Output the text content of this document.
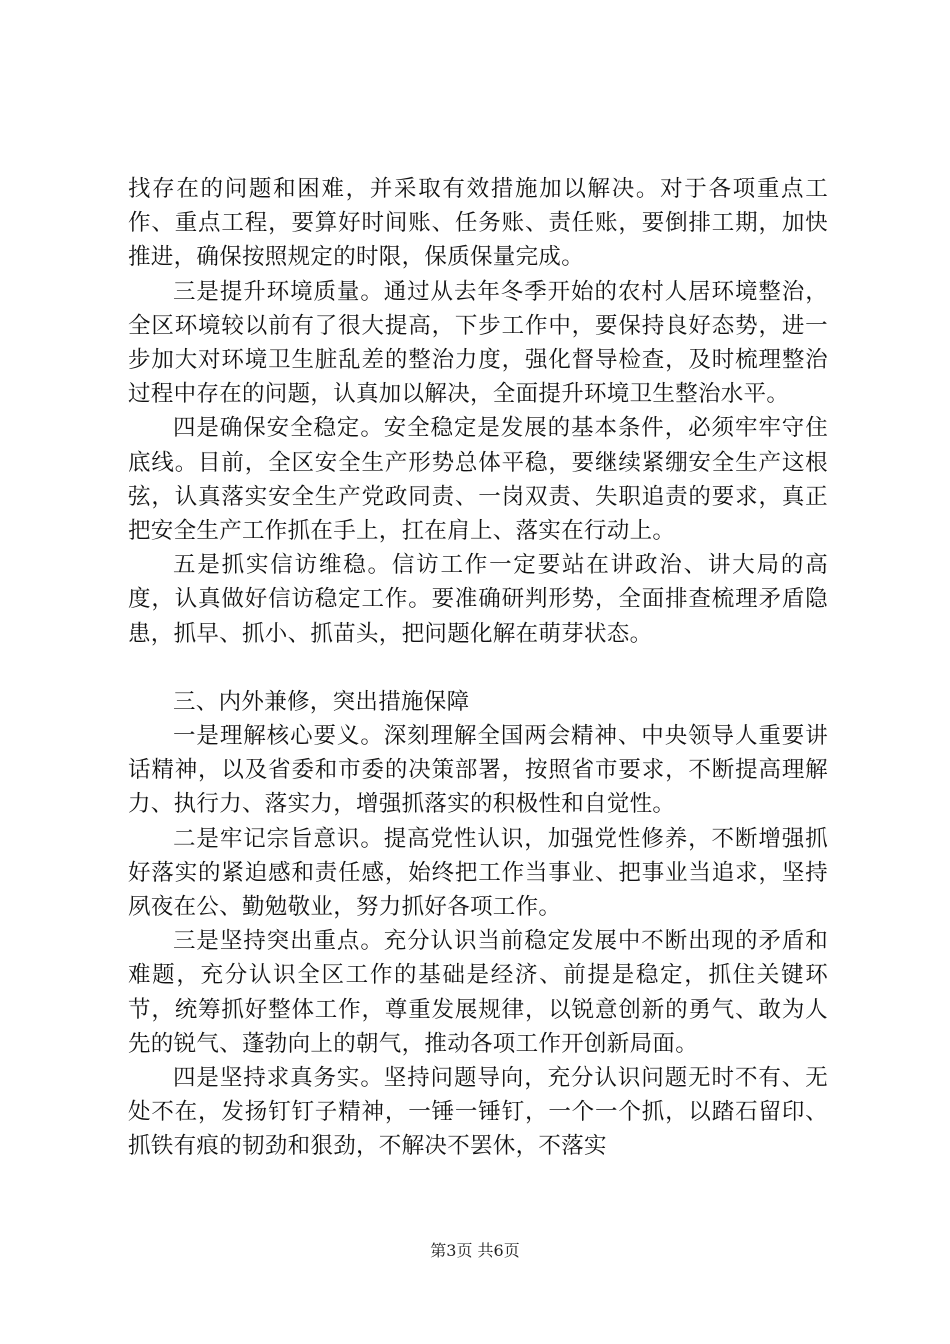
找存在的问题和困难，并采取有效措施加以解决。对于各项重点工作、重点工程，要算好时间账、任务账、责任账，要倒排工期，加快推进，确保按照规定的时限，保质保量完成。

三是提升环境质量。通过从去年冬季开始的农村人居环境整治，全区环境较以前有了很大提高，下步工作中，要保持良好态势，进一步加大对环境卫生脏乱差的整治力度，强化督导检查，及时梳理整治过程中存在的问题，认真加以解决，全面提升环境卫生整治水平。

四是确保安全稳定。安全稳定是发展的基本条件，必须牢牢守住底线。目前，全区安全生产形势总体平稳，要继续紧绷安全生产这根弦，认真落实安全生产党政同责、一岗双责、失职追责的要求，真正把安全生产工作抓在手上，扛在肩上、落实在行动上。

五是抓实信访维稳。信访工作一定要站在讲政治、讲大局的高度，认真做好信访稳定工作。要准确研判形势，全面排查梳理矛盾隐患，抓早、抓小、抓苗头，把问题化解在萌芽状态。

三、内外兼修，突出措施保障

一是理解核心要义。深刻理解全国两会精神、中央领导人重要讲话精神，以及省委和市委的决策部署，按照省市要求，不断提高理解力、执行力、落实力，增强抓落实的积极性和自觉性。

二是牢记宗旨意识。提高党性认识，加强党性修养，不断增强抓好落实的紧迫感和责任感，始终把工作当事业、把事业当追求，坚持夙夜在公、勤勉敬业，努力抓好各项工作。

三是坚持突出重点。充分认识当前稳定发展中不断出现的矛盾和难题，充分认识全区工作的基础是经济、前提是稳定，抓住关键环节，统筹抓好整体工作，尊重发展规律，以锐意创新的勇气、敢为人先的锐气、蓬勃向上的朝气，推动各项工作开创新局面。

四是坚持求真务实。坚持问题导向，充分认识问题无时不有、无处不在，发扬钉钉子精神，一锤一锤钉，一个一个抓，以踏石留印、抓铁有痕的韧劲和狠劲，不解决不罢休，不落实

第3页 共6页
